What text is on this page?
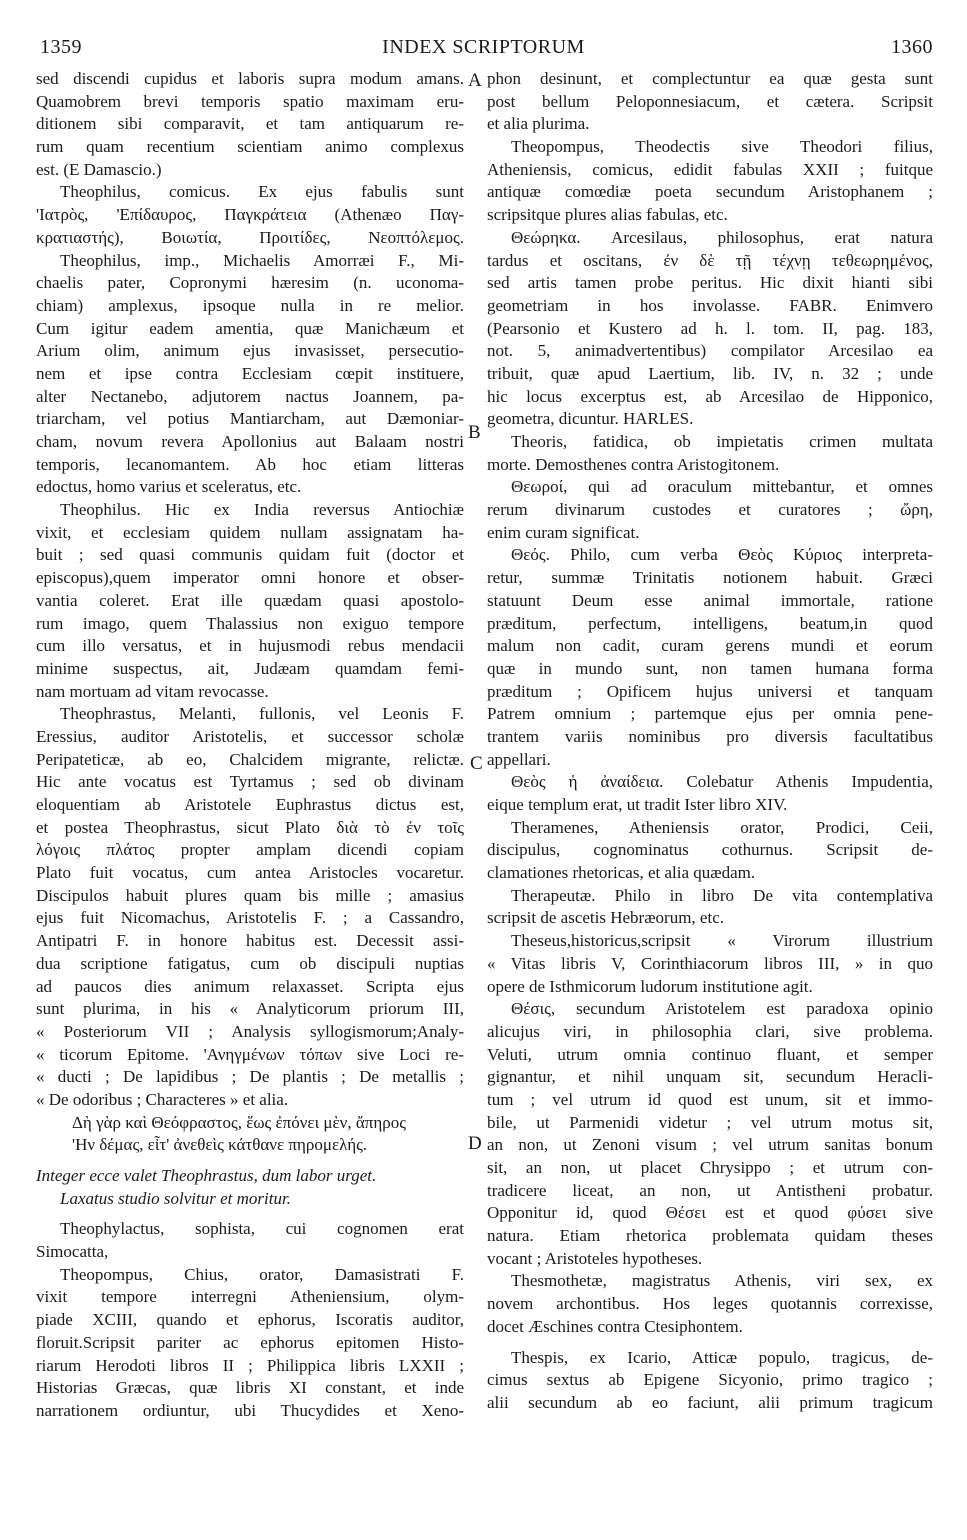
1359	INDEX SCRIPTORUM	1360
A
B
C
D
sed discendi cupidus et laboris supra modum amans.
Quamobrem brevi temporis spatio maximam eru-
ditionem sibi comparavit, et tam antiquarum re-
rum quam recentium scientiam animo complexus
est. (E Damascio.)
Theophilus, comicus. Ex ejus fabulis sunt
'Ιατρὸς, 'Επίδαυρος, Παγκράτεια (Athenæo Παγ-
κρατιαστής), Βοιωτία, Προιτίδες, Νεοπτόλεμος.
Theophilus, imp., Michaelis Amorræi F., Mi-
chaelis pater, Copronymi hæresim (n. uconoma-
chiam) amplexus, ipsoque nulla in re melior.
Cum igitur eadem amentia, quæ Manichæum et
Arium olim, animum ejus invasisset, persecutio-
nem et ipse contra Ecclesiam cœpit instituere,
alter Nectanebo, adjutorem nactus Joannem, pa-
triarcham, vel potius Mantiarcham, aut Dæmoniar-
cham, novum revera Apollonius aut Balaam nostri
temporis, lecanomantem. Ab hoc etiam litteras
edoctus, homo varius et sceleratus, etc.
Theophilus. Hic ex India reversus Antiochiæ
vixit, et ecclesiam quidem nullam assignatam ha-
buit ; sed quasi communis quidam fuit (doctor et
episcopus),quem imperator omni honore et obser-
vantia coleret. Erat ille quædam quasi apostolo-
rum imago, quem Thalassius non exiguo tempore
cum illo versatus, et in hujusmodi rebus mendacii
minime suspectus, ait, Judæam quamdam femi-
nam mortuam ad vitam revocasse.
Theophrastus, Melanti, fullonis, vel Leonis F.
Eressius, auditor Aristotelis, et successor scholæ
Peripateticæ, ab eo, Chalcidem migrante, relictæ.
Hic ante vocatus est Tyrtamus ; sed ob divinam
eloquentiam ab Aristotele Euphrastus dictus est,
et postea Theophrastus, sicut Plato διὰ τὸ ἐν τοῖς
λόγοις πλάτος propter amplam dicendi copiam
Plato fuit vocatus, cum antea Aristocles vocaretur.
Discipulos habuit plures quam bis mille ; amasius
ejus fuit Nicomachus, Aristotelis F. ; a Cassandro,
Antipatri F. in honore habitus est. Decessit assi-
dua scriptione fatigatus, cum ob discipuli nuptias
ad paucos dies animum relaxasset. Scripta ejus
sunt plurima, in his « Analyticorum priorum III,
« Posteriorum VII ; Analysis syllogismorum;Analy-
« ticorum Epitome. 'Ανηγμένων τόπων sive Loci re-
« ducti ; De lapidibus ; De plantis ; De metallis ;
« De odoribus ; Characteres » et alia.
Δὴ γὰρ καὶ Θεόφραστος, ἕως ἐπόνει μὲν, ἄπηρος
'Ην δέμας, εἶτ' ἀνεθεὶς κάτθανε πηρομελής.
Integer ecce valet Theophrastus, dum labor urget.
Laxatus studio solvitur et moritur.
Theophylactus, sophista, cui cognomen erat
Simocatta,
Theopompus, Chius, orator, Damasistrati F.
vixit tempore interregni Atheniensium, olym-
piade XCIII, quando et ephorus, Iscoratis auditor,
floruit.Scripsit pariter ac ephorus epitomen Histo-
riarum Herodoti libros II ; Philippica libris LXXII ;
Historias Græcas, quæ libris XI constant, et inde
narrationem ordiuntur, ubi Thucydides et Xeno-
phon desinunt, et complectuntur ea quæ gesta sunt
post bellum Peloponnesiacum, et cætera. Scripsit
et alia plurima.
Theopompus, Theodectis sive Theodori filius,
Atheniensis, comicus, edidit fabulas XXII ; fuitque
antiquæ comœdiæ poeta secundum Aristophanem ;
scripsitque plures alias fabulas, etc.
Θεώρηκα. Arcesilaus, philosophus, erat natura
tardus et oscitans, ἐν δὲ τῇ τέχνῃ τεθεωρημένος,
sed artis tamen probe peritus. Hic dixit hianti sibi
geometriam in hos involasse. FABR. Enimvero
(Pearsonio et Kustero ad h. l. tom. II, pag. 183,
not. 5, animadvertentibus) compilator Arcesilao ea
tribuit, quæ apud Laertium, lib. IV, n. 32 ; unde
hic locus excerptus est, ab Arcesilao de Hipponico,
geometra, dicuntur. HARLES.
Theoris, fatidica, ob impietatis crimen multata
morte. Demosthenes contra Aristogitonem.
Θεωροί, qui ad oraculum mittebantur, et omnes
rerum divinarum custodes et curatores ; ὤρη,
enim curam significat.
Θεός. Philo, cum verba Θεὸς Κύριος interpreta-
retur, summæ Trinitatis notionem habuit. Græci
statuunt Deum esse animal immortale, ratione
præditum, perfectum, intelligens, beatum,in quod
malum non cadit, curam gerens mundi et eorum
quæ in mundo sunt, non tamen humana forma
præditum ; Opificem hujus universi et tanquam
Patrem omnium ; partemque ejus per omnia pene-
trantem variis nominibus pro diversis facultatibus
appellari.
Θεὸς ἡ ἀναίδεια. Colebatur Athenis Impudentia,
eique templum erat, ut tradit Ister libro XIV.
Theramenes, Atheniensis orator, Prodici, Ceii,
discipulus, cognominatus cothurnus. Scripsit de-
clamationes rhetoricas, et alia quædam.
Therapeutæ. Philo in libro De vita contemplativa
scripsit de ascetis Hebræorum, etc.
Theseus,historicus,scripsit « Virorum illustrium
« Vitas libris V, Corinthiacorum libros III, » in quo
opere de Isthmicorum ludorum institutione agit.
Θέσις, secundum Aristotelem est paradoxa opinio
alicujus viri, in philosophia clari, sive problema.
Veluti, utrum omnia continuo fluant, et semper
gignantur, et nihil unquam sit, secundum Heracli-
tum ; vel utrum id quod est unum, sit et immo-
bile, ut Parmenidi videtur ; vel utrum motus sit,
an non, ut Zenoni visum ; vel utrum sanitas bonum
sit, an non, ut placet Chrysippo ; et utrum con-
tradicere liceat, an non, ut Antistheni probatur.
Opponitur id, quod Θέσει est et quod φύσει sive
natura. Etiam rhetorica problemata quidam theses
vocant ; Aristoteles hypotheses.
Thesmothetæ, magistratus Athenis, viri sex, ex
novem archontibus. Hos leges quotannis correxisse,
docet Æschines contra Ctesiphontem.
Thespis, ex Icario, Atticæ populo, tragicus, de-
cimus sextus ab Epigene Sicyonio, primo tragico ;
alii secundum ab eo faciunt, alii primum tragicum
